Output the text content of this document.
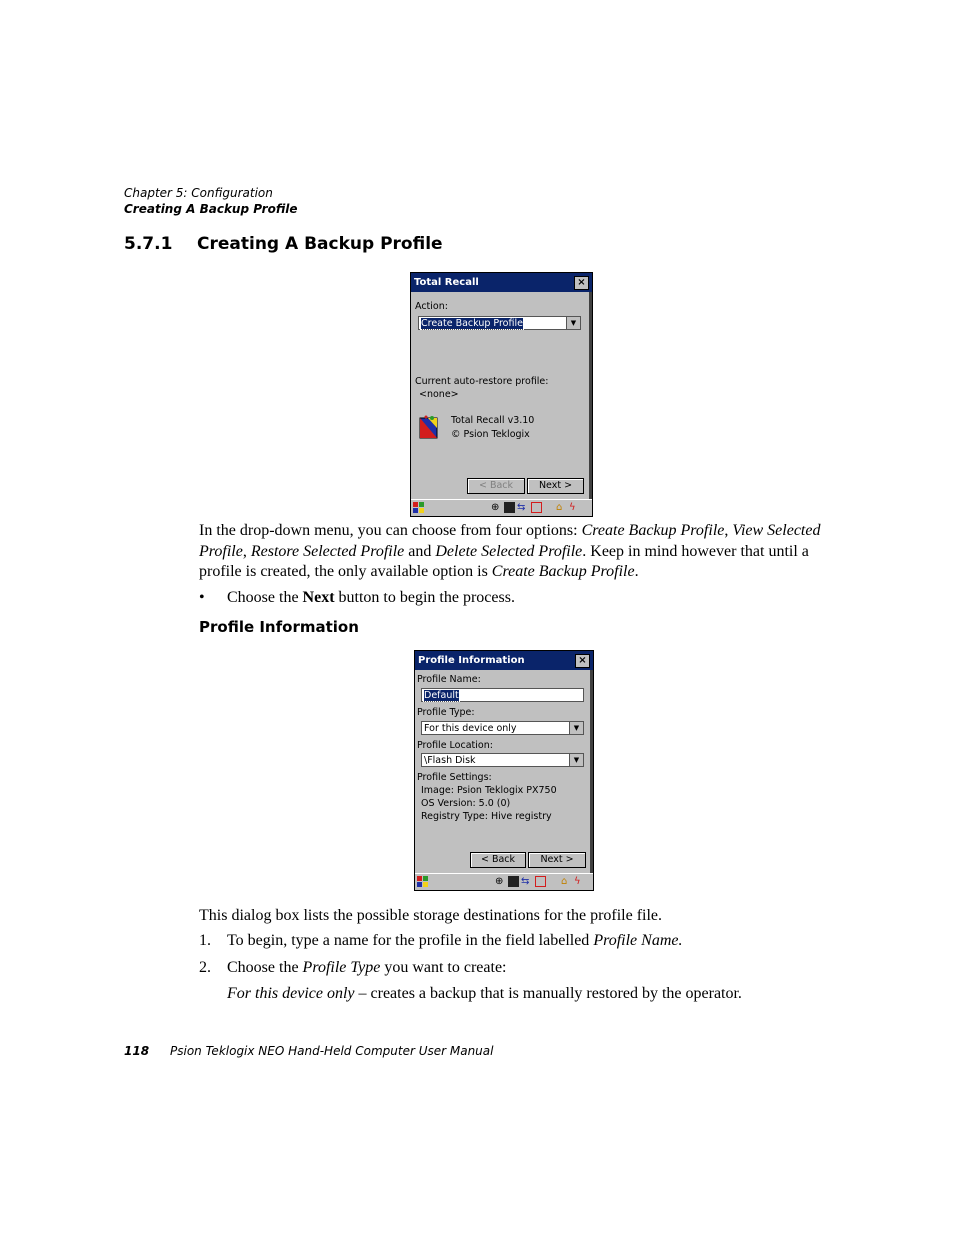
Chapter 5: Configuration
Creating A Backup Profile
5.7.1 Creating A Backup Profile
Total Recall	×
Action:
Create Backup Profile	▼
Current auto-restore profile:
<none>
Total Recall v3.10
© Psion Teklogix
< Back	Next >
⊕ ⇆	⌂ ϟ
In the drop-down menu, you can choose from four options: Create Backup Profile, View Selected Profile, Restore Selected Profile and Delete Selected Profile. Keep in mind however that until a profile is created, the only available option is Create Backup Profile.
• Choose the Next button to begin the process.
Profile Information
Profile Information	×
Profile Name:
Default
Profile Type:
For this device only	▼
Profile Location:
\Flash Disk	▼
Profile Settings:
Image: Psion Teklogix PX750
OS Version: 5.0 (0)
Registry Type: Hive registry
< Back	Next >
⊕ ⇆	⌂ ϟ
This dialog box lists the possible storage destinations for the profile file.
1. To begin, type a name for the profile in the field labelled Profile Name.
2. Choose the Profile Type you want to create:
For this device only – creates a backup that is manually restored by the operator.
118 Psion Teklogix NEO Hand-Held Computer User Manual
